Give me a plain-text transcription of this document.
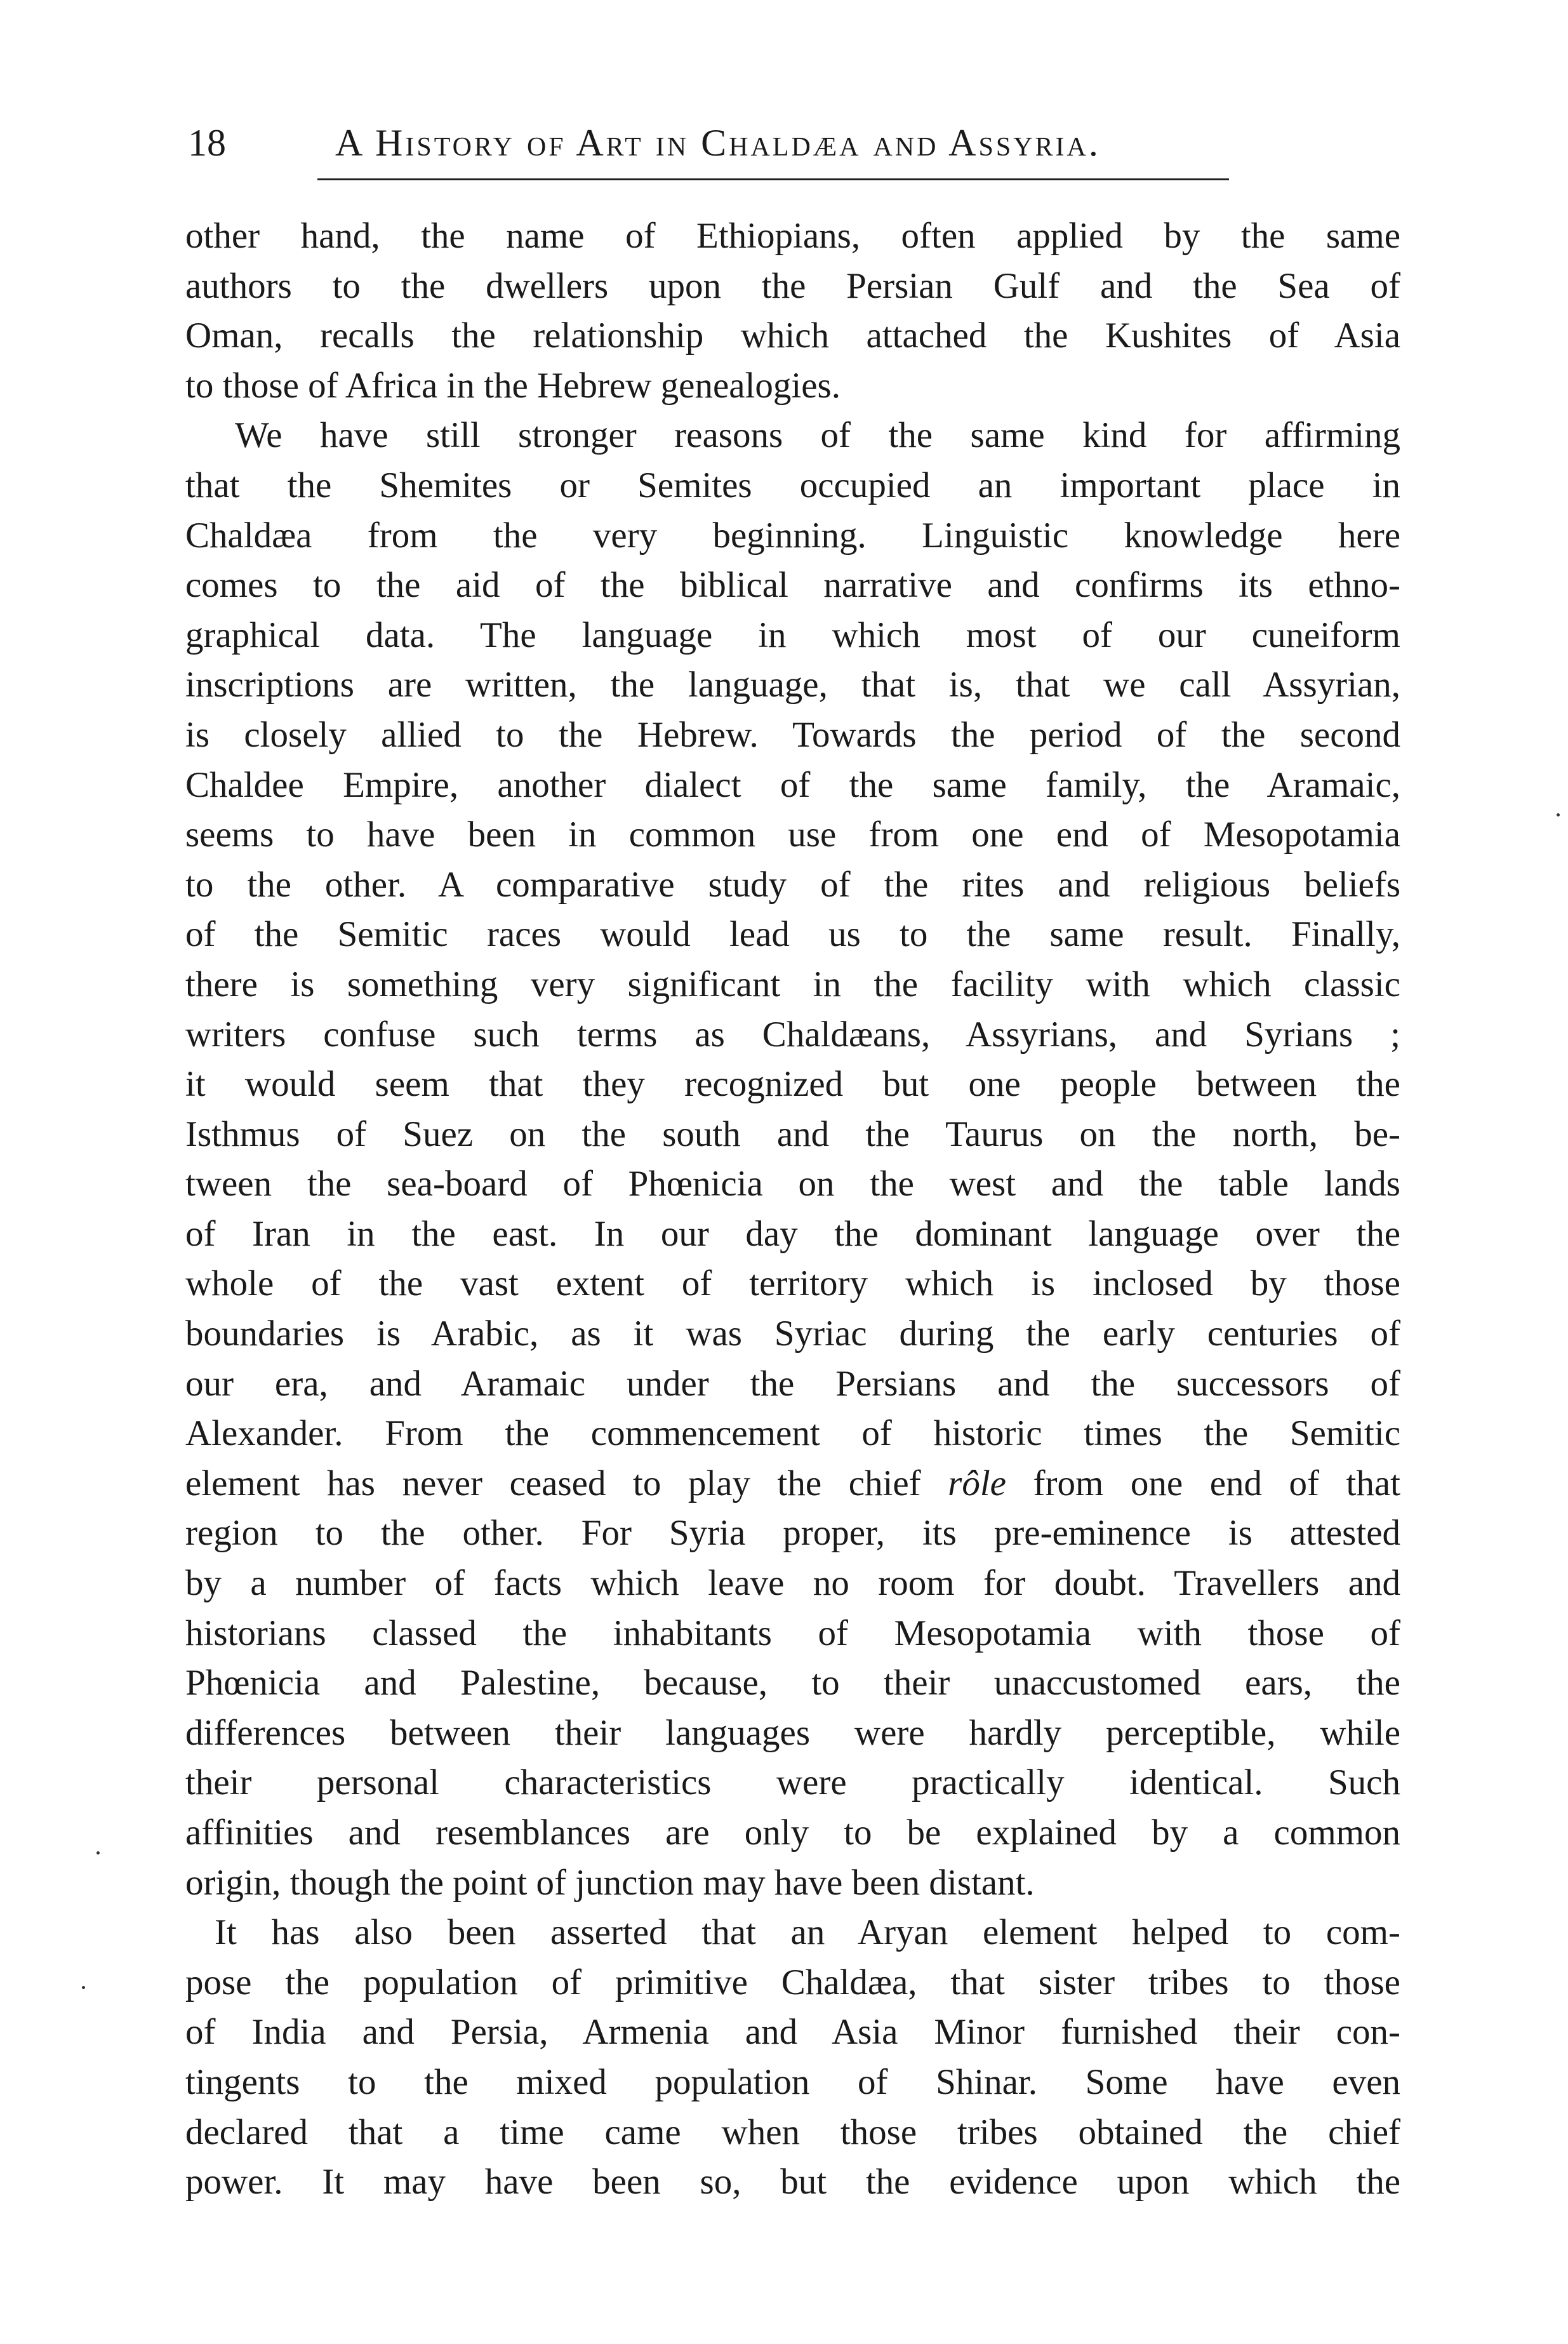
18	A History of Art in Chaldæa and Assyria.
other hand, the name of Ethiopians, often applied by the same
authors to the dwellers upon the Persian Gulf and the Sea of
Oman, recalls the relationship which attached the Kushites of Asia
to those of Africa in the Hebrew genealogies.
We have still stronger reasons of the same kind for affirming
that the Shemites or Semites occupied an important place in
Chaldæa from the very beginning. Linguistic knowledge here
comes to the aid of the biblical narrative and confirms its ethno-
graphical data. The language in which most of our cuneiform
inscriptions are written, the language, that is, that we call Assyrian,
is closely allied to the Hebrew. Towards the period of the second
Chaldee Empire, another dialect of the same family, the Aramaic,
seems to have been in common use from one end of Mesopotamia
to the other. A comparative study of the rites and religious beliefs
of the Semitic races would lead us to the same result. Finally,
there is something very significant in the facility with which classic
writers confuse such terms as Chaldæans, Assyrians, and Syrians ;
it would seem that they recognized but one people between the
Isthmus of Suez on the south and the Taurus on the north, be-
tween the sea-board of Phœnicia on the west and the table lands
of Iran in the east. In our day the dominant language over the
whole of the vast extent of territory which is inclosed by those
boundaries is Arabic, as it was Syriac during the early centuries of
our era, and Aramaic under the Persians and the successors of
Alexander. From the commencement of historic times the Semitic
element has never ceased to play the chief rôle from one end of that
region to the other. For Syria proper, its pre-eminence is attested
by a number of facts which leave no room for doubt. Travellers and
historians classed the inhabitants of Mesopotamia with those of
Phœnicia and Palestine, because, to their unaccustomed ears, the
differences between their languages were hardly perceptible, while
their personal characteristics were practically identical. Such
affinities and resemblances are only to be explained by a common
origin, though the point of junction may have been distant.
It has also been asserted that an Aryan element helped to com-
pose the population of primitive Chaldæa, that sister tribes to those
of India and Persia, Armenia and Asia Minor furnished their con-
tingents to the mixed population of Shinar. Some have even
declared that a time came when those tribes obtained the chief
power. It may have been so, but the evidence upon which the
